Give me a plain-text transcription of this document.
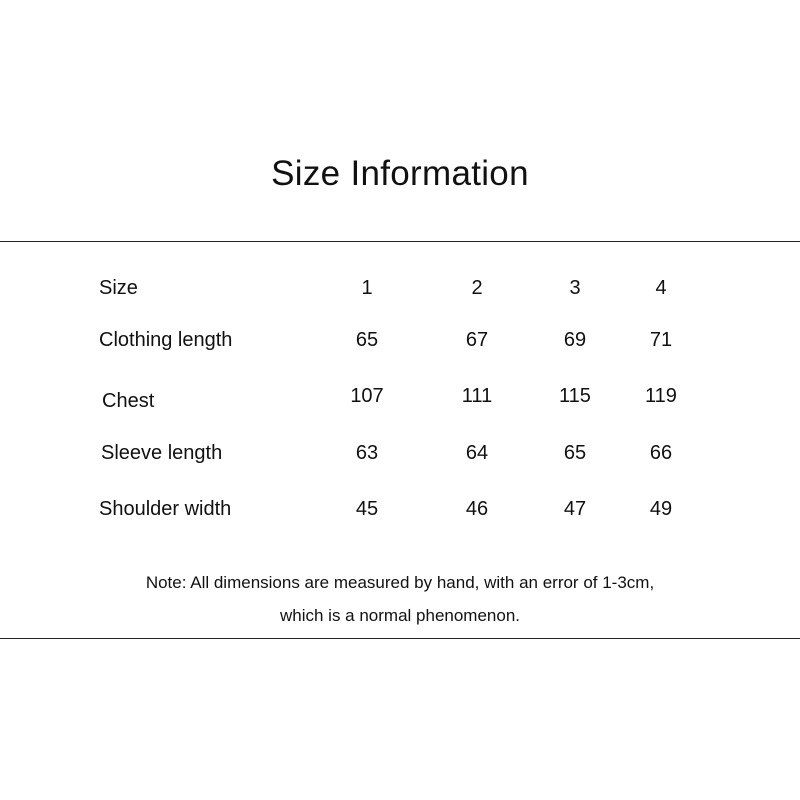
Size Information
Size	1	2	3	4
Clothing length	65	67	69	71
Chest	107	111	115	119
Sleeve length	63	64	65	66
Shoulder width	45	46	47	49
Note: All dimensions are measured by hand, with an error of 1-3cm,
which is a normal phenomenon.
